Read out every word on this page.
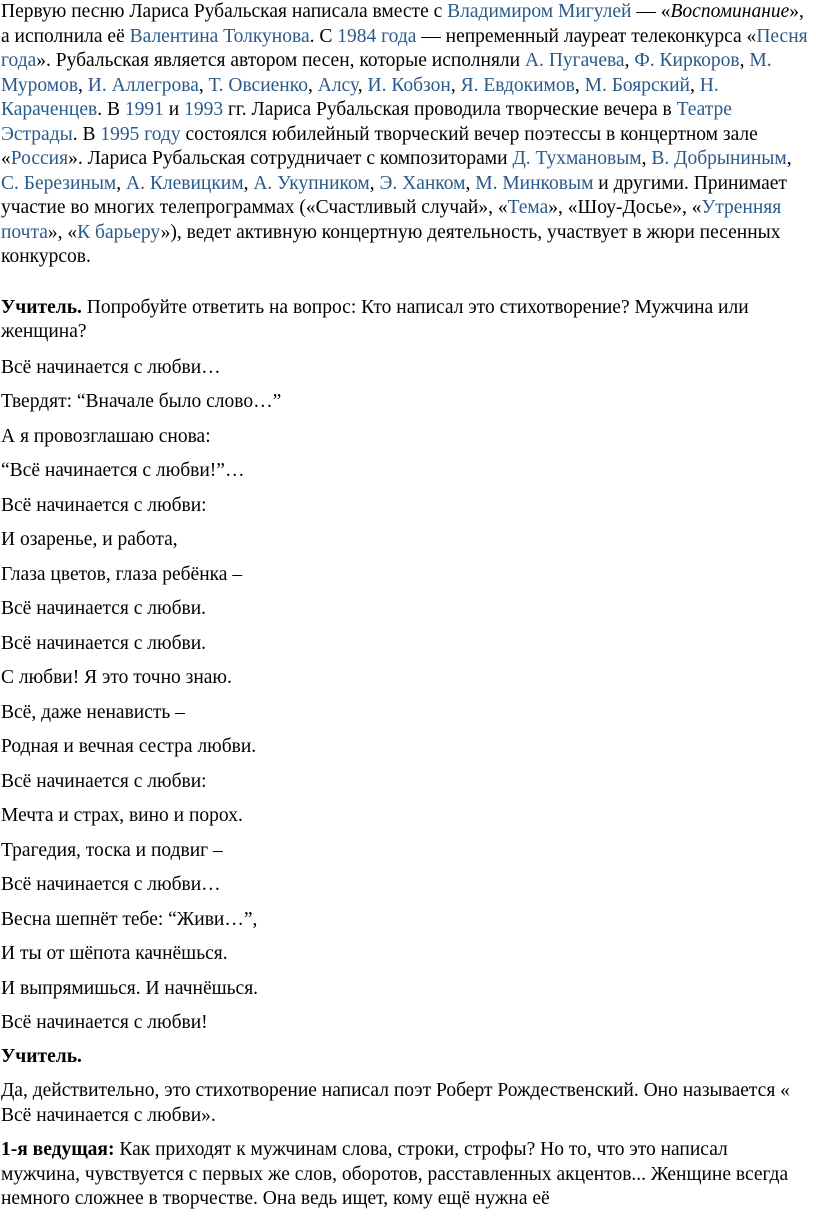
Первую песню Лариса Рубальская написала вместе с Владимиром Мигулей — «Воспоминание», а исполнила её Валентина Толкунова. С 1984 года — непременный лауреат телеконкурса «Песня года». Рубальская является автором песен, которые исполняли А. Пугачева, Ф. Киркоров, М. Муромов, И. Аллегрова, Т. Овсиенко, Алсу, И. Кобзон, Я. Евдокимов, М. Боярский, Н. Караченцев. В 1991 и 1993 гг. Лариса Рубальская проводила творческие вечера в Театре Эстрады. В 1995 году состоялся юбилейный творческий вечер поэтессы в концертном зале «Россия». Лариса Рубальская сотрудничает с композиторами Д. Тухмановым, В. Добрыниным, С. Березиным, А. Клевицким, А. Укупником, Э. Ханком, М. Минковым и другими. Принимает участие во многих телепрограммах («Счастливый случай», «Тема», «Шоу-Досье», «Утренняя почта», «К барьеру»), ведет активную концертную деятельность, участвует в жюри песенных конкурсов.

Учитель. Попробуйте ответить на вопрос: Кто написал это стихотворение? Мужчина или женщина?

Всё начинается с любви…

Твердят: “Вначале было слово…”

А я провозглашаю снова:

“Всё начинается с любви!”…

Всё начинается с любви:

И озаренье, и работа,

Глаза цветов, глаза ребёнка –

Всё начинается с любви.

Всё начинается с любви.

С любви! Я это точно знаю.

Всё, даже ненависть –

Родная и вечная сестра любви.

Всё начинается с любви:

Мечта и страх, вино и порох.

Трагедия, тоска и подвиг –

Всё начинается с любви…

Весна шепнёт тебе: “Живи…”,

И ты от шёпота качнёшься.

И выпрямишься. И начнёшься.

Всё начинается с любви!

Учитель.

Да, действительно, это стихотворение написал поэт Роберт Рождественский. Оно называется « Всё начинается с любви».

1-я ведущая: Как приходят к мужчинам слова, строки, строфы? Но то, что это написал мужчина, чувствуется с первых же слов, оборотов, расставленных акцентов... Женщине всегда немного сложнее в творчестве. Она ведь ищет, кому ещё нужна её
